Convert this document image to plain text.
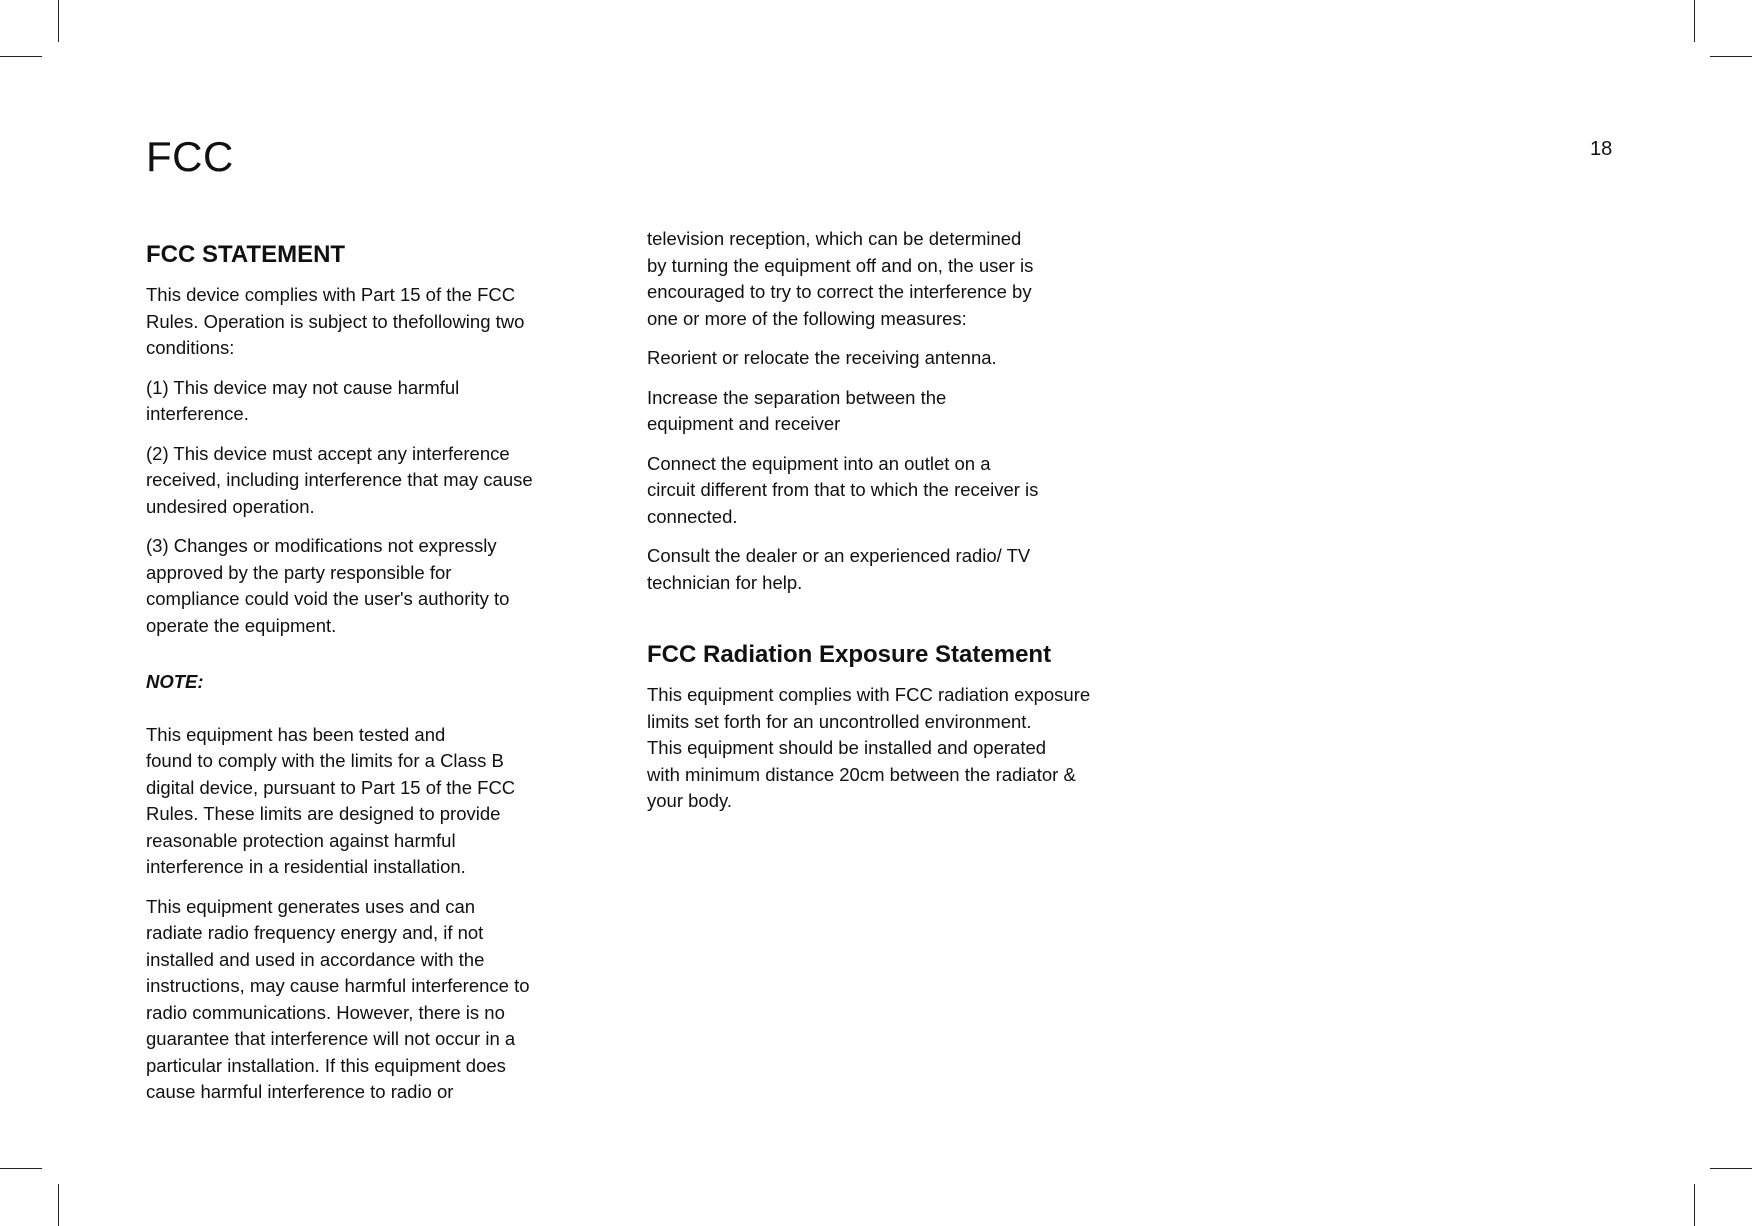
FCC	18
FCC STATEMENT

This device complies with Part 15 of the FCC
Rules. Operation is subject to thefollowing two
conditions:

(1) This device may not cause harmful
interference.

(2) This device must accept any interference
received, including interference that may cause
undesired operation.

(3) Changes or modifications not expressly
approved by the party responsible for
compliance could void the user's authority to
operate the equipment.

NOTE:

This equipment has been tested and
found to comply with the limits for a Class B
digital device, pursuant to Part 15 of the FCC
Rules. These limits are designed to provide
reasonable protection against harmful
interference in a residential installation.

This equipment generates uses and can
radiate radio frequency energy and, if not
installed and used in accordance with the
instructions, may cause harmful interference to
radio communications. However, there is no
guarantee that interference will not occur in a
particular installation. If this equipment does
cause harmful interference to radio or

television reception, which can be determined
by turning the equipment off and on, the user is
encouraged to try to correct the interference by
one or more of the following measures:

Reorient or relocate the receiving antenna.

Increase the separation between the
equipment and receiver

Connect the equipment into an outlet on a
circuit different from that to which the receiver is
connected.

Consult the dealer or an experienced radio/ TV
technician for help.

FCC Radiation Exposure Statement

This equipment complies with FCC radiation exposure
limits set forth for an uncontrolled environment.
This equipment should be installed and operated
with minimum distance 20cm between the radiator &
your body.
